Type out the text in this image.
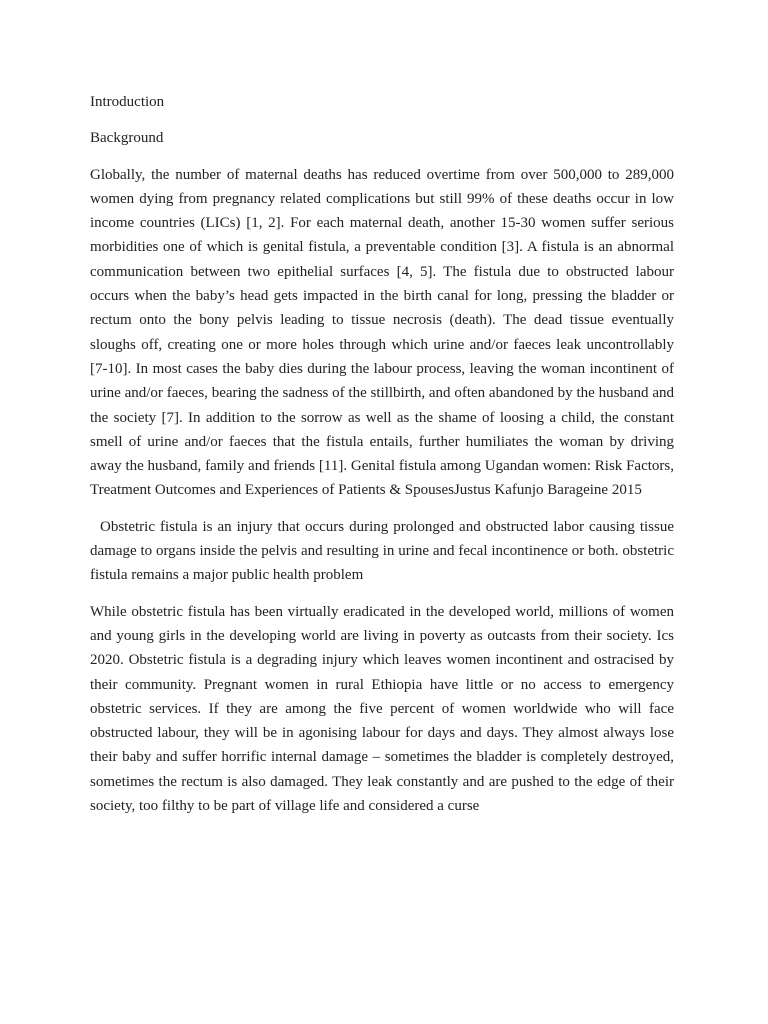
Introduction
Background

Globally, the number of maternal deaths has reduced overtime from over 500,000 to 289,000 women dying from pregnancy related complications but still 99% of these deaths occur in low income countries (LICs) [1, 2]. For each maternal death, another 15-30 women suffer serious morbidities one of which is genital fistula, a preventable condition [3]. A fistula is an abnormal communication between two epithelial surfaces [4, 5]. The fistula due to obstructed labour occurs when the baby’s head gets impacted in the birth canal for long, pressing the bladder or rectum onto the bony pelvis leading to tissue necrosis (death). The dead tissue eventually sloughs off, creating one or more holes through which urine and/or faeces leak uncontrollably [7-10]. In most cases the baby dies during the labour process, leaving the woman incontinent of urine and/or faeces, bearing the sadness of the stillbirth, and often abandoned by the husband and the society [7]. In addition to the sorrow as well as the shame of loosing a child, the constant smell of urine and/or faeces that the fistula entails, further humiliates the woman by driving away the husband, family and friends [11]. Genital fistula among Ugandan women: Risk Factors, Treatment Outcomes and Experiences of Patients & SpousesJustus Kafunjo Barageine 2015

Obstetric fistula is an injury that occurs during prolonged and obstructed labor causing tissue damage to organs inside the pelvis and resulting in urine and fecal incontinence or both. obstetric fistula remains a major public health problem

While obstetric fistula has been virtually eradicated in the developed world, millions of women and young girls in the developing world are living in poverty as outcasts from their society. Ics 2020. Obstetric fistula is a degrading injury which leaves women incontinent and ostracised by their community. Pregnant women in rural Ethiopia have little or no access to emergency obstetric services. If they are among the five percent of women worldwide who will face obstructed labour, they will be in agonising labour for days and days. They almost always lose their baby and suffer horrific internal damage – sometimes the bladder is completely destroyed, sometimes the rectum is also damaged. They leak constantly and are pushed to the edge of their society, too filthy to be part of village life and considered a curse
